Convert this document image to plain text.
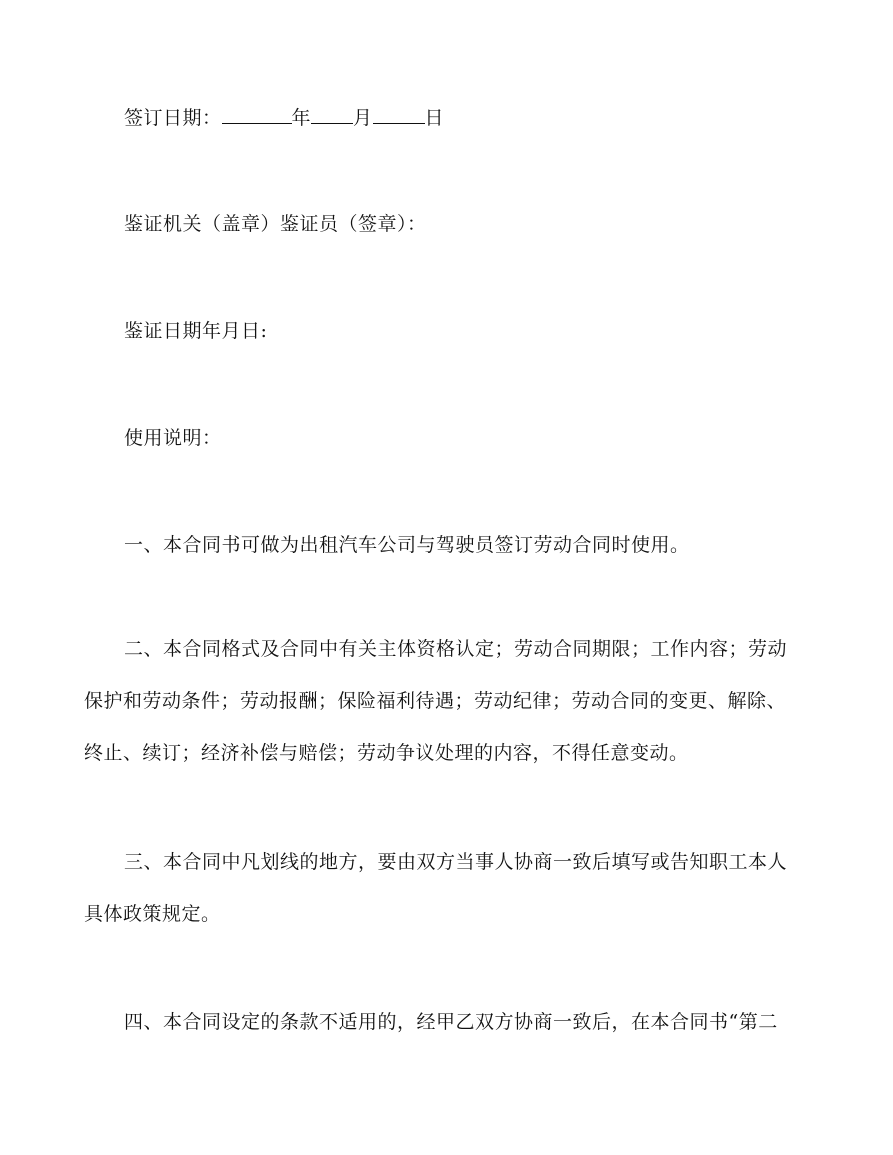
签订日期：	年 月	日
鉴证机关（盖章）鉴证员（签章）：
鉴证日期年月日:
使用说明：
一、本合同书可做为出租汽车公司与驾驶员签订劳动合同时使用。
二、本合同格式及合同中有关主体资格认定；劳动合同期限；工作内容；劳动
保护和劳动条件；劳动报酬；保险福利待遇；劳动纪律；劳动合同的变更、解除、
终止、续订；经济补偿与赔偿；劳动争议处理的内容，不得任意变动。
三、本合同中凡划线的地方，要由双方当事人协商一致后填写或告知职工本人
具体政策规定。
四、本合同设定的条款不适用的，经甲乙双方协商一致后，在本合同书“第二
